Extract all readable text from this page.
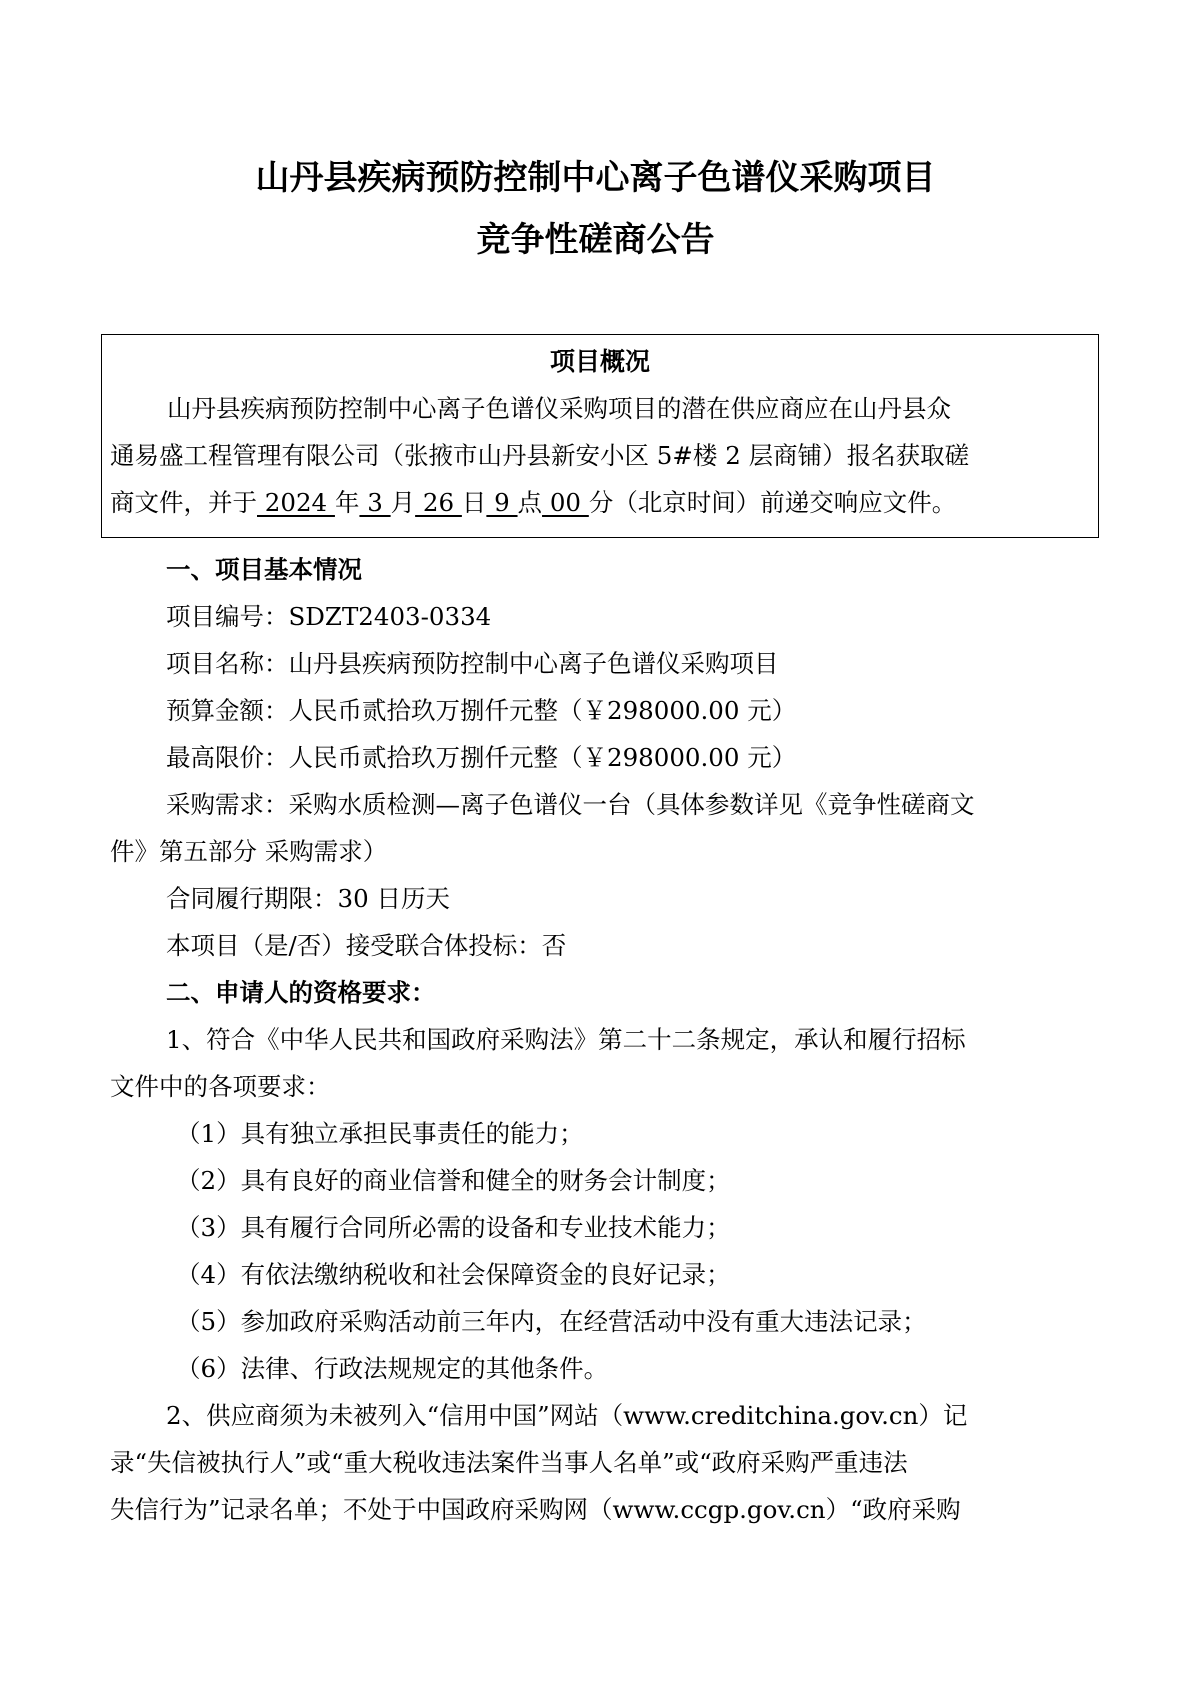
山丹县疾病预防控制中心离子色谱仪采购项目
竞争性磋商公告
项目概况
山丹县疾病预防控制中心离子色谱仪采购项目的潜在供应商应在山丹县众
通易盛工程管理有限公司（张掖市山丹县新安小区 5#楼 2 层商铺）报名获取磋
商文件，并于 2024 年 3 月 26 日 9 点 00 分（北京时间）前递交响应文件。
一、项目基本情况
项目编号：SDZT2403-0334
项目名称：山丹县疾病预防控制中心离子色谱仪采购项目
预算金额：人民币贰拾玖万捌仟元整（￥298000.00 元）
最高限价：人民币贰拾玖万捌仟元整（￥298000.00 元）
采购需求：采购水质检测—离子色谱仪一台（具体参数详见《竞争性磋商文
件》第五部分 采购需求）
合同履行期限：30 日历天
本项目（是/否）接受联合体投标：否
二、申请人的资格要求：
1、符合《中华人民共和国政府采购法》第二十二条规定，承认和履行招标
文件中的各项要求：
（1）具有独立承担民事责任的能力；
（2）具有良好的商业信誉和健全的财务会计制度；
（3）具有履行合同所必需的设备和专业技术能力；
（4）有依法缴纳税收和社会保障资金的良好记录；
（5）参加政府采购活动前三年内，在经营活动中没有重大违法记录；
（6）法律、行政法规规定的其他条件。
2、供应商须为未被列入“信用中国”网站（www.creditchina.gov.cn）记
录“失信被执行人”或“重大税收违法案件当事人名单”或“政府采购严重违法
失信行为”记录名单；不处于中国政府采购网（www.ccgp.gov.cn）“政府采购
